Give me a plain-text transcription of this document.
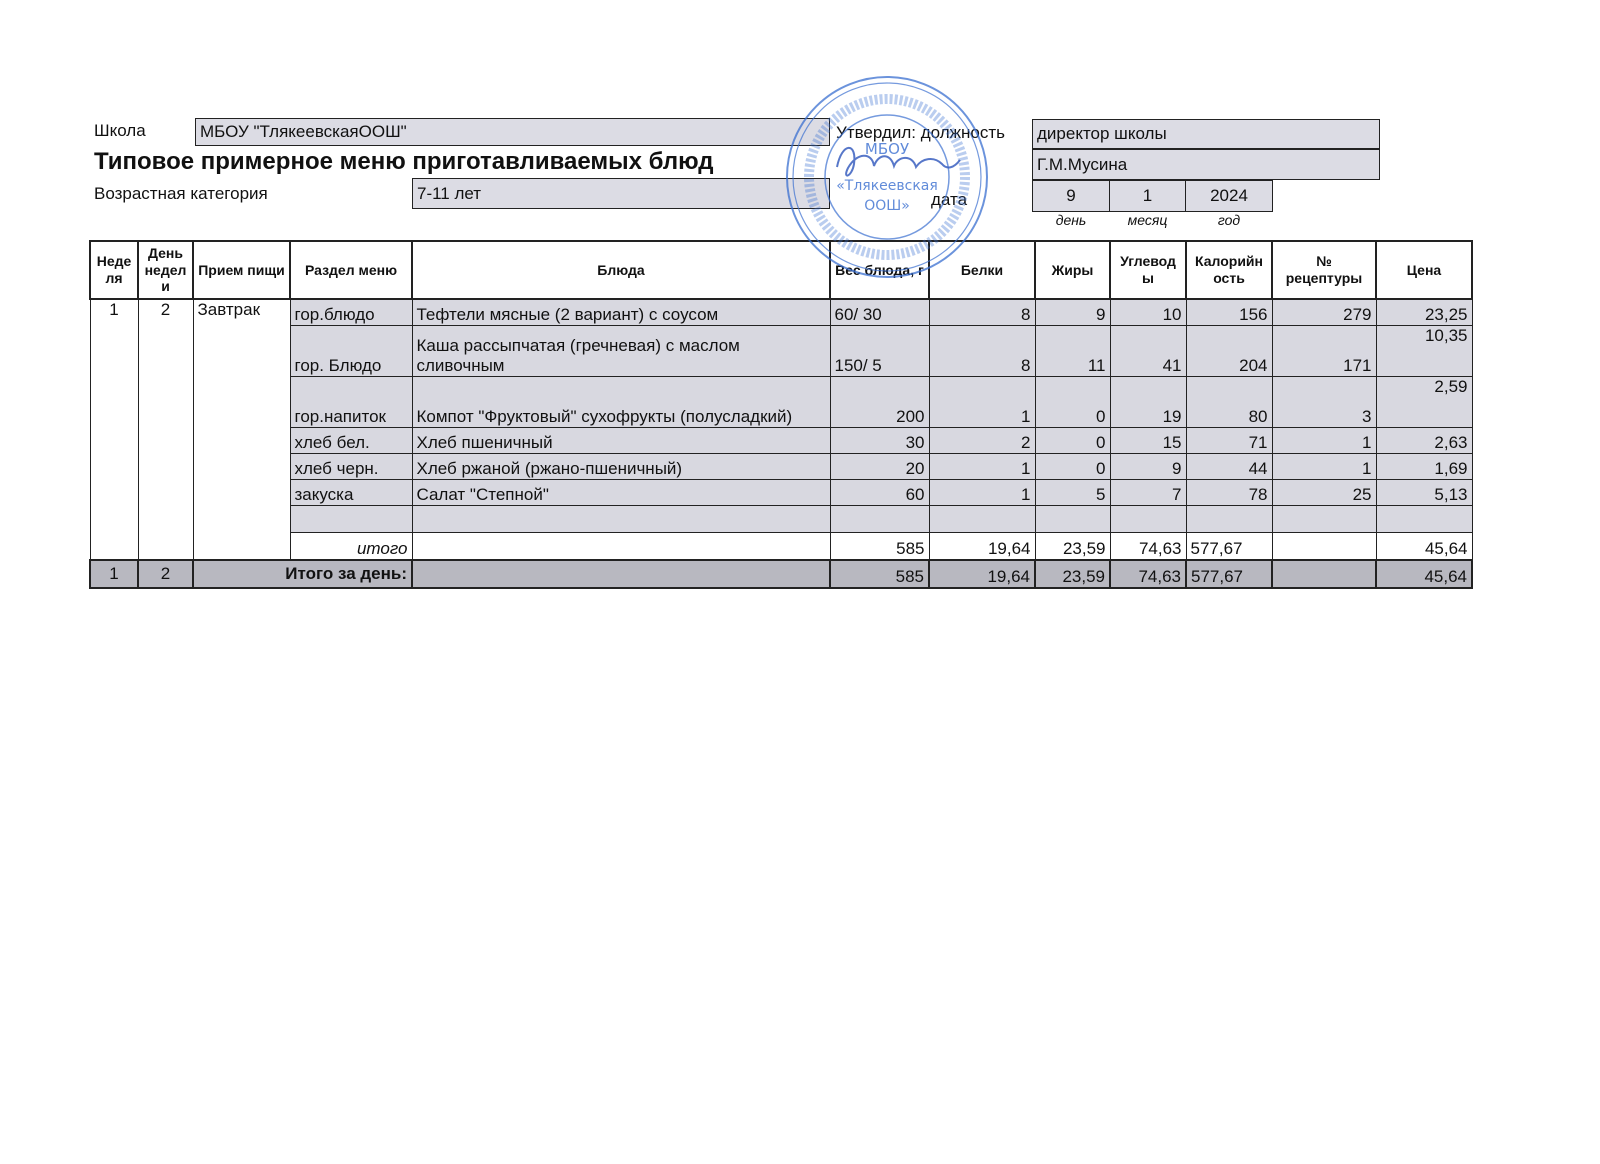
Школа	МБОУ "ТлякеевскаяООШ"	Утвердил: должность директор школы
Г.М.Мусина
Типовое примерное меню приготавливаемых блюд
Возрастная категория	7-11 лет	дата	9	1	2024
день	месяц	год
Неде ля	День недел и	Прием пищи	Раздел меню	Блюда	Вес блюда, г	Белки	Жиры	Углевод ы	Калорийн ость	№ рецептуры	Цена
1	2	Завтрак	гор.блюдо	Тефтели мясные (2 вариант) с соусом	60/ 30	8	9	10	156	279	23,25
			гор. Блюдо	Каша рассыпчатая (гречневая) с маслом сливочным	150/ 5	8	11	41	204	171	10,35
			гор.напиток	Компот "Фруктовый" сухофрукты (полусладкий)	200	1	0	19	80	3	2,59
			хлеб бел.	Хлеб пшеничный	30	2	0	15	71	1	2,63
			хлеб черн.	Хлеб ржаной (ржано-пшеничный)	20	1	0	9	44	1	1,69
			закуска	Салат "Степной"	60	1	5	7	78	25	5,13

			итого		585	19,64	23,59	74,63	577,67		45,64
1	2	Итого за день:			585	19,64	23,59	74,63	577,67		45,64
МБОУ
«Тлякеевская
ООШ»
